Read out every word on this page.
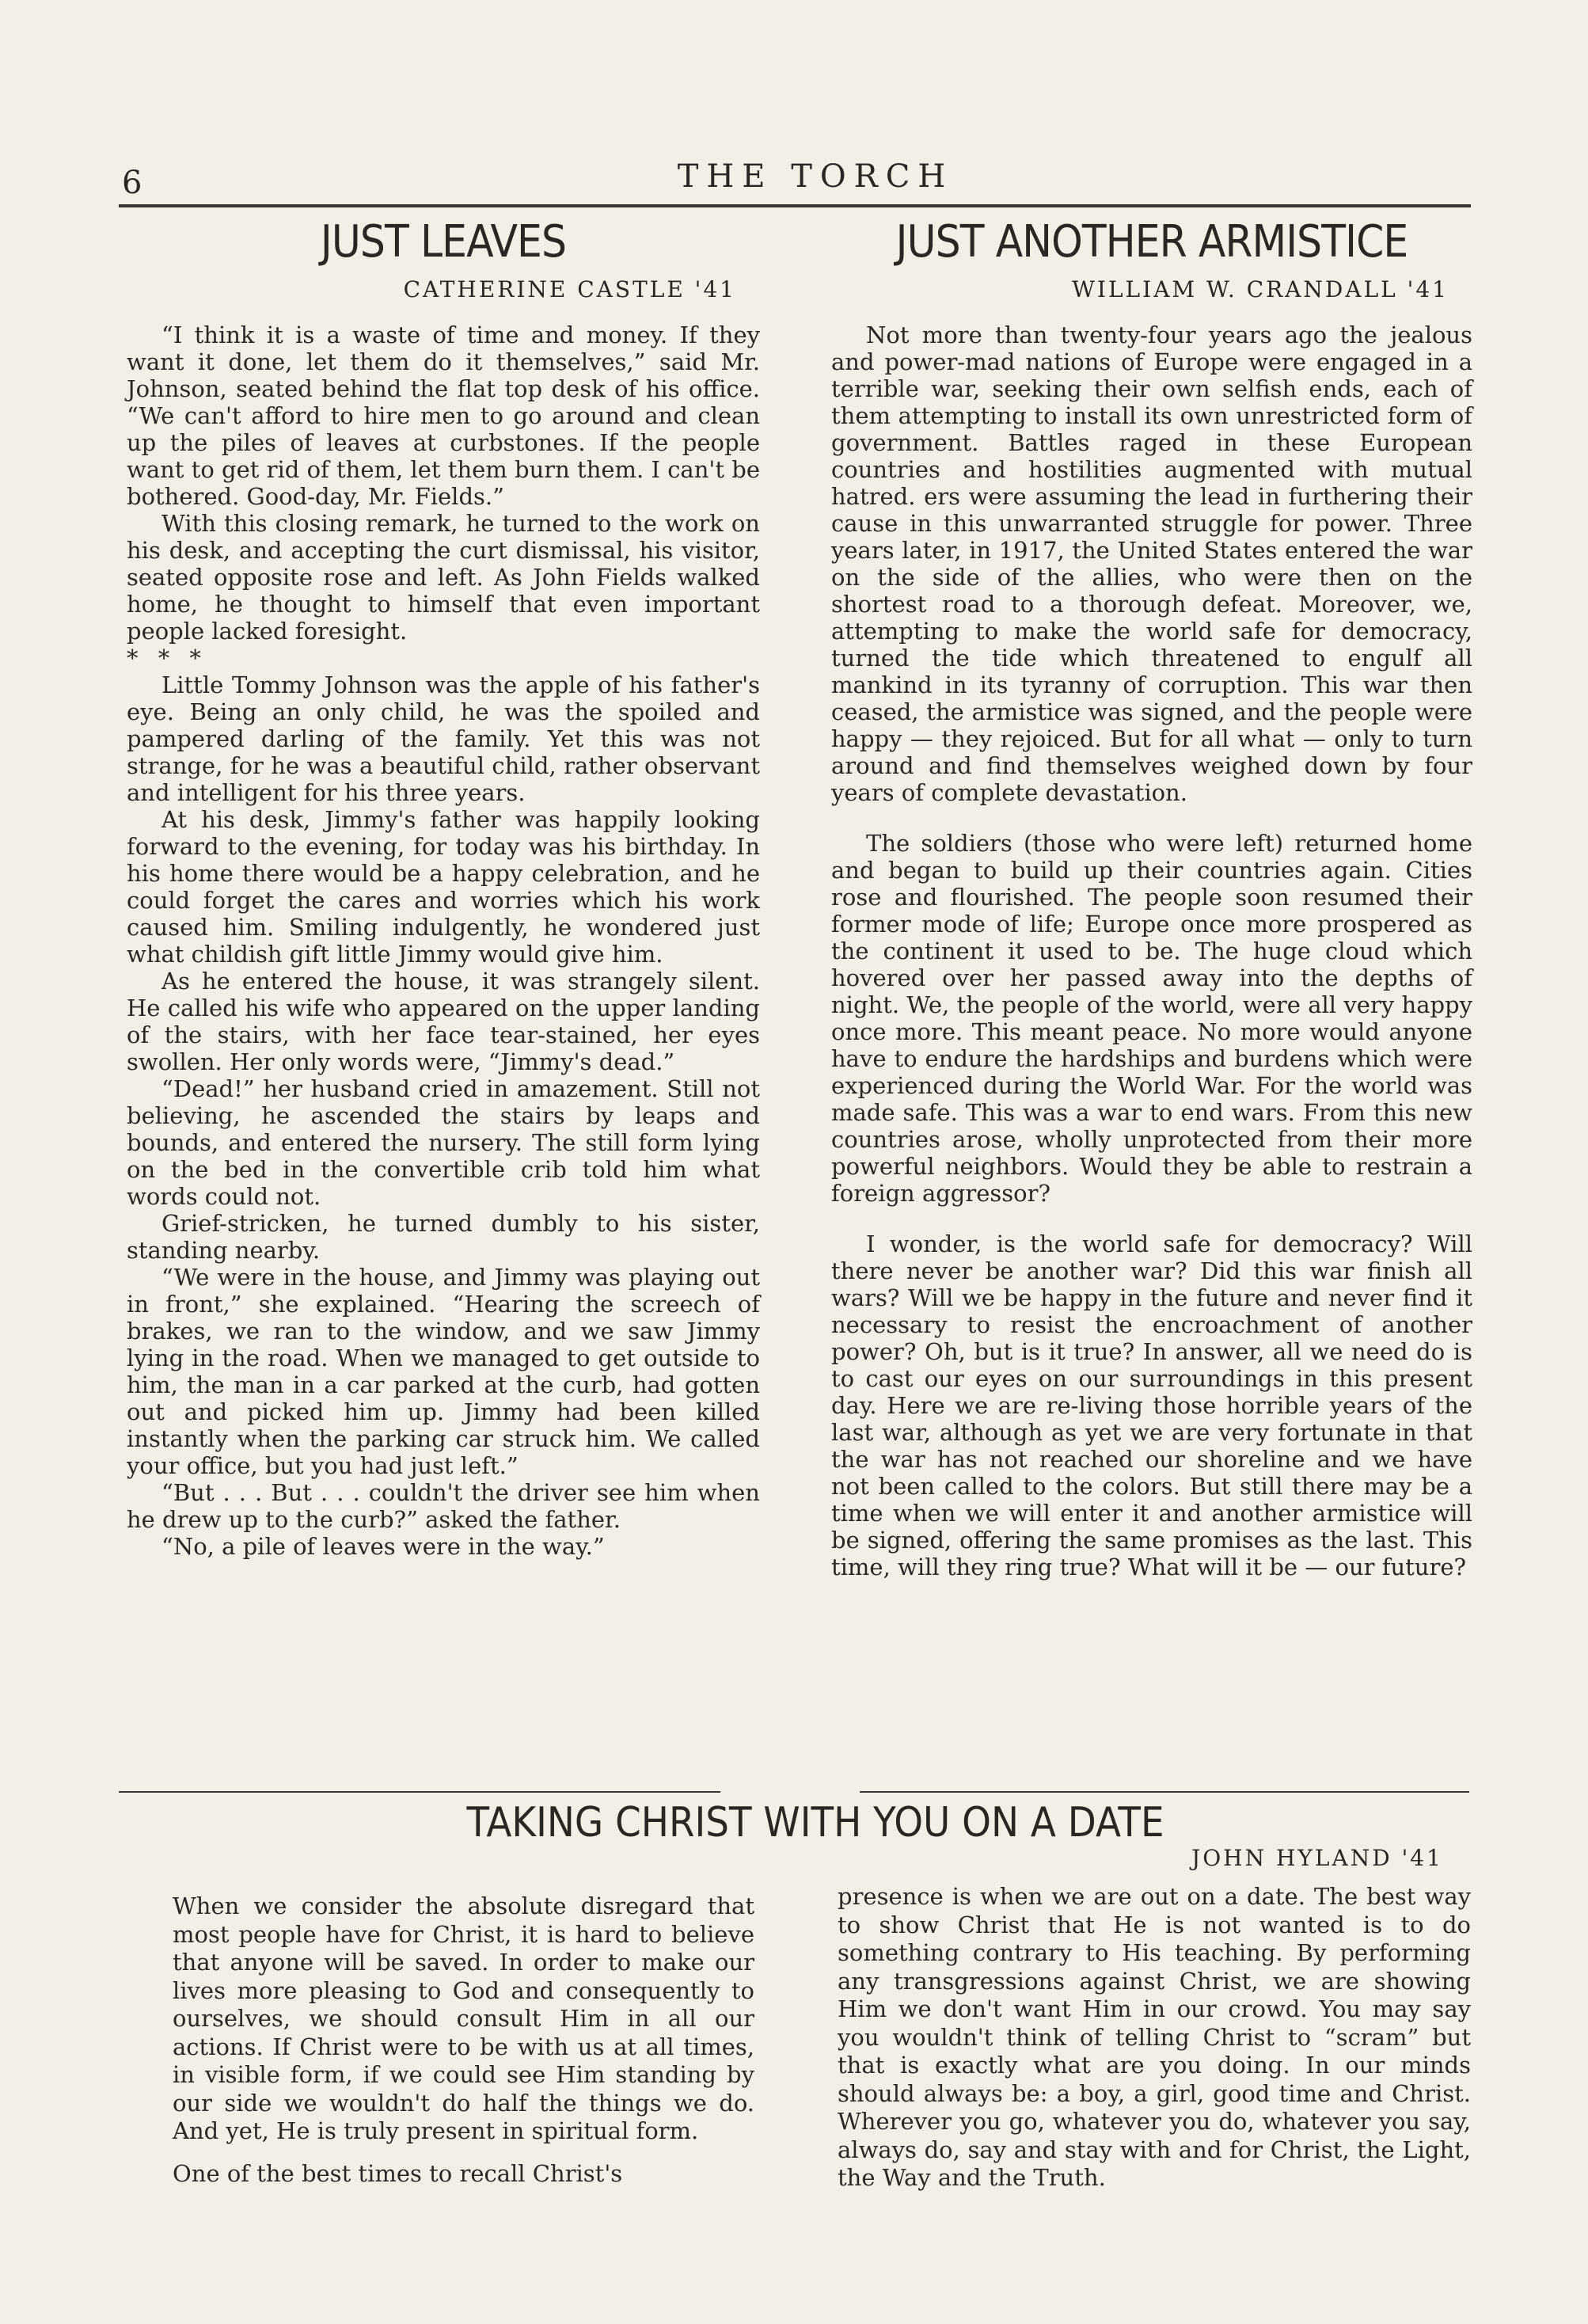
6	THE TORCH
JUST LEAVES
CATHERINE CASTLE '41

“I think it is a waste of time and money. If they want it done, let them do it themselves,” said Mr. Johnson, seated behind the flat top desk of his office. “We can't afford to hire men to go around and clean up the piles of leaves at curbstones. If the people want to get rid of them, let them burn them. I can't be bothered. Good-day, Mr. Fields.”

With this closing remark, he turned to the work on his desk, and accepting the curt dismissal, his visitor, seated opposite rose and left. As John Fields walked home, he thought to himself that even important people lacked foresight.

* * *

Little Tommy Johnson was the apple of his father's eye. Being an only child, he was the spoiled and pampered darling of the family. Yet this was not strange, for he was a beautiful child, rather observant and intelligent for his three years.

At his desk, Jimmy's father was happily looking forward to the evening, for today was his birthday. In his home there would be a happy celebration, and he could forget the cares and worries which his work caused him. Smiling indulgently, he wondered just what childish gift little Jimmy would give him.

As he entered the house, it was strangely silent. He called his wife who appeared on the upper landing of the stairs, with her face tear-stained, her eyes swollen. Her only words were, “Jimmy's dead.”

“Dead!” her husband cried in amazement. Still not believing, he ascended the stairs by leaps and bounds, and entered the nursery. The still form lying on the bed in the convertible crib told him what words could not.

Grief-stricken, he turned dumbly to his sister, standing nearby.

“We were in the house, and Jimmy was playing out in front,” she explained. “Hearing the screech of brakes, we ran to the window, and we saw Jimmy lying in the road. When we managed to get outside to him, the man in a car parked at the curb, had gotten out and picked him up. Jimmy had been killed instantly when the parking car struck him. We called your office, but you had just left.”

“But . . . But . . . couldn't the driver see him when he drew up to the curb?” asked the father.

“No, a pile of leaves were in the way.”

JUST ANOTHER ARMISTICE
WILLIAM W. CRANDALL '41

Not more than twenty-four years ago the jealous and power-mad nations of Europe were engaged in a terrible war, seeking their own selfish ends, each of them attempting to install its own unrestricted form of government. Battles raged in these European countries and hostilities augmented with mutual hatred. ers were assuming the lead in furthering their cause in this unwarranted struggle for power. Three years later, in 1917, the United States entered the war on the side of the allies, who were then on the shortest road to a thorough defeat. Moreover, we, attempting to make the world safe for democracy, turned the tide which threatened to engulf all mankind in its tyranny of corruption. This war then ceased, the armistice was signed, and the people were happy — they rejoiced. But for all what — only to turn around and find themselves weighed down by four years of complete devastation.

The soldiers (those who were left) returned home and began to build up their countries again. Cities rose and flourished. The people soon resumed their former mode of life; Europe once more prospered as the continent it used to be. The huge cloud which hovered over her passed away into the depths of night. We, the people of the world, were all very happy once more. This meant peace. No more would anyone have to endure the hardships and burdens which were experienced during the World War. For the world was made safe. This was a war to end wars. From this new countries arose, wholly unprotected from their more powerful neighbors. Would they be able to restrain a foreign aggressor?

I wonder, is the world safe for democracy? Will there never be another war? Did this war finish all wars? Will we be happy in the future and never find it necessary to resist the encroachment of another power? Oh, but is it true? In answer, all we need do is to cast our eyes on our surroundings in this present day. Here we are re-living those horrible years of the last war, although as yet we are very fortunate in that the war has not reached our shoreline and we have not been called to the colors. But still there may be a time when we will enter it and another armistice will be signed, offering the same promises as the last. This time, will they ring true? What will it be — our future?

TAKING CHRIST WITH YOU ON A DATE
JOHN HYLAND '41

When we consider the absolute disregard that most people have for Christ, it is hard to believe that anyone will be saved. In order to make our lives more pleasing to God and consequently to ourselves, we should consult Him in all our actions. If Christ were to be with us at all times, in visible form, if we could see Him standing by our side we wouldn't do half the things we do. And yet, He is truly present in spiritual form.

One of the best times to recall Christ's

presence is when we are out on a date. The best way to show Christ that He is not wanted is to do something contrary to His teaching. By performing any transgressions against Christ, we are showing Him we don't want Him in our crowd. You may say you wouldn't think of telling Christ to “scram” but that is exactly what are you doing. In our minds should always be: a boy, a girl, good time and Christ. Wherever you go, whatever you do, whatever you say, always do, say and stay with and for Christ, the Light, the Way and the Truth.
